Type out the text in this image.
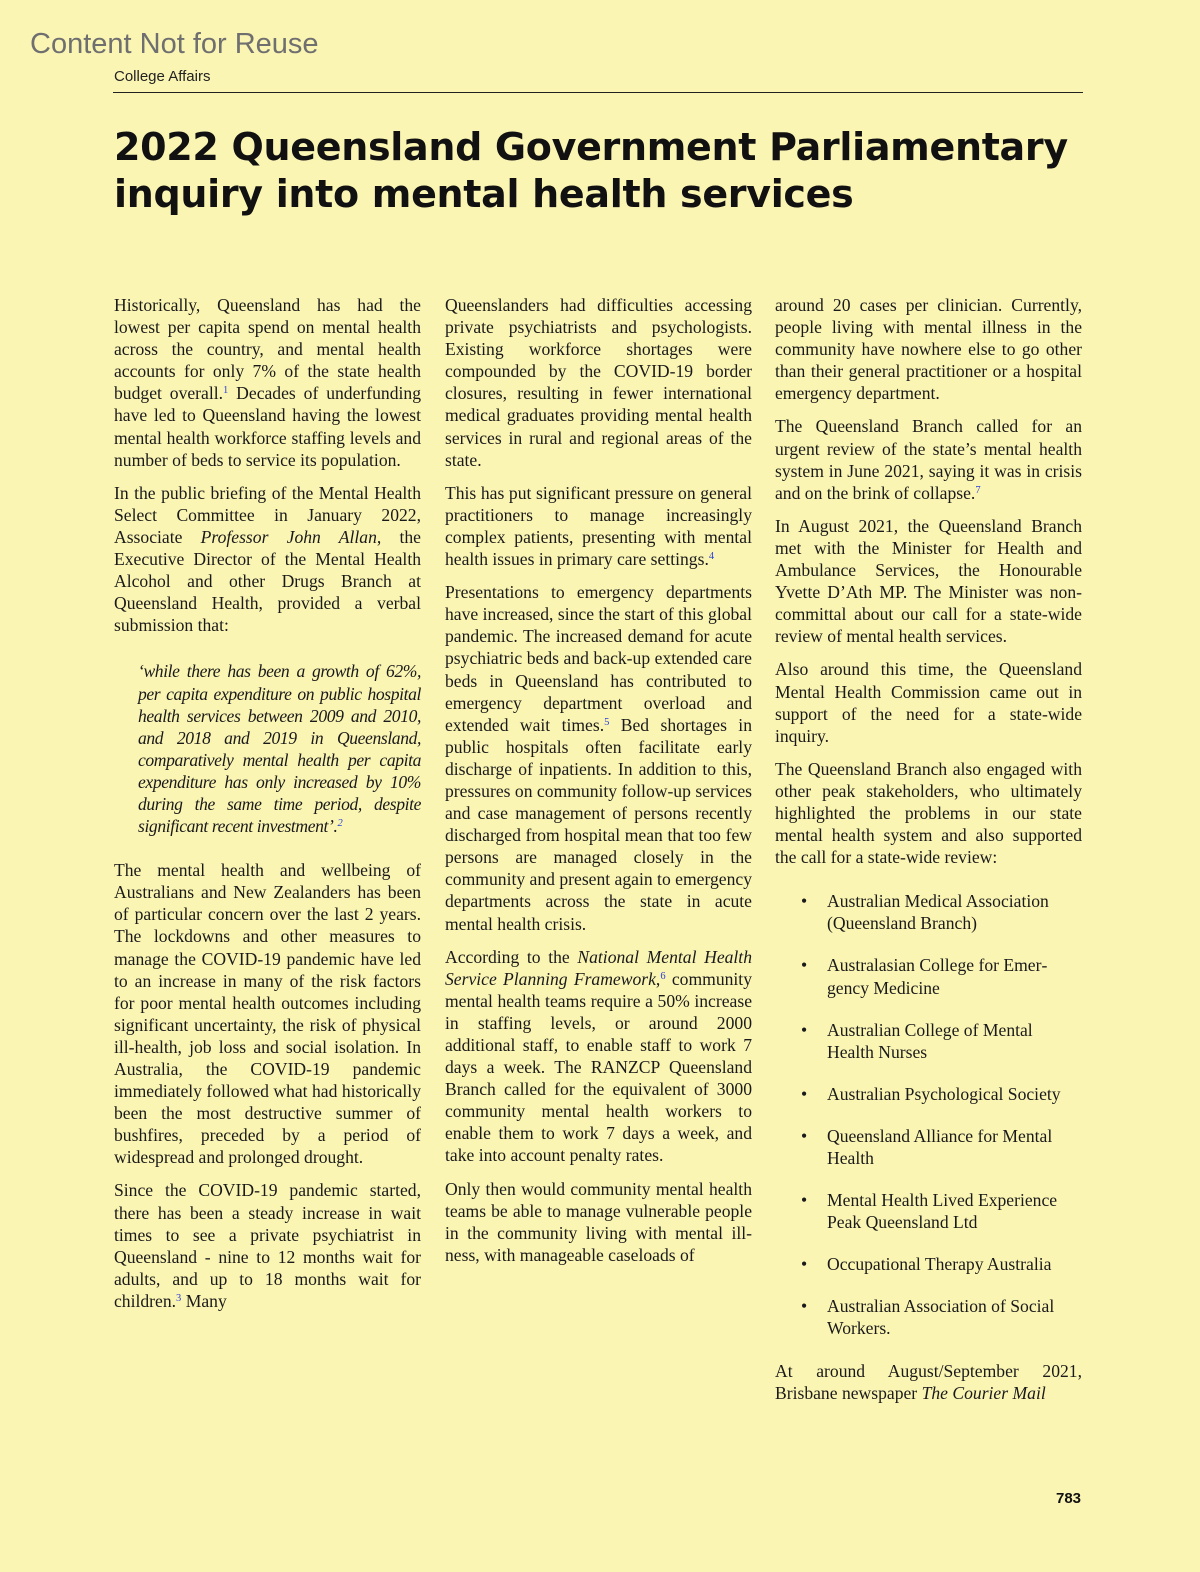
Content Not for Reuse
College Affairs
2022 Queensland Government Parliamentary inquiry into mental health services

Historically, Queensland has had the lowest per capita spend on mental health across the country, and mental health accounts for only 7% of the state health budget overall.$^1$ Decades of underfunding have led to Queensland having the lowest mental health workforce staffing levels and number of beds to service its population.

In the public briefing of the Mental Health Select Committee in January 2022, Associate Professor John Allan, the Executive Director of the Mental Health Alcohol and other Drugs Branch at Queensland Health, provided a verbal submission that:

‘while there has been a growth of 62%, per capita expenditure on public hospital health services between 2009 and 2010, and 2018 and 2019 in Queensland, comparatively mental health per capita expenditure has only increased by 10% during the same time period, despite significant recent investment’.$^2$

The mental health and wellbeing of Australians and New Zealanders has been of particular concern over the last 2 years. The lockdowns and other measures to manage the COVID-19 pandemic have led to an increase in many of the risk factors for poor mental health outcomes including significant uncertainty, the risk of physical ill-health, job loss and social isolation. In Australia, the COVID-19 pandemic immediately followed what had historically been the most destructive summer of bushfires, preceded by a period of widespread and prolonged drought.

Since the COVID-19 pandemic started, there has been a steady increase in wait times to see a private psychiatrist in Queensland - nine to 12 months wait for adults, and up to 18 months wait for children.$^3$ Many

Queenslanders had difficulties accessing private psychiatrists and psychologists. Existing workforce shortages were compounded by the COVID-19 border closures, resulting in fewer international medical graduates providing mental health services in rural and regional areas of the state.

This has put significant pressure on general practitioners to manage increasingly complex patients, presenting with mental health issues in primary care settings.$^4$

Presentations to emergency departments have increased, since the start of this global pandemic. The increased demand for acute psychiatric beds and back-up extended care beds in Queensland has contributed to emergency department overload and extended wait times.$^5$ Bed shortages in public hospitals often facilitate early discharge of inpatients. In addition to this, pressures on community follow-up services and case management of persons recently discharged from hospital mean that too few persons are managed closely in the community and present again to emergency departments across the state in acute mental health crisis.

According to the National Mental Health Service Planning Framework,$^6$ community mental health teams require a 50% increase in staffing levels, or around 2000 additional staff, to enable staff to work 7 days a week. The RANZCP Queensland Branch called for the equivalent of 3000 community mental health workers to enable them to work 7 days a week, and take into account penalty rates.

Only then would community mental health teams be able to manage vulnerable people in the community living with mental illness, with manageable caseloads of

around 20 cases per clinician. Currently, people living with mental illness in the community have nowhere else to go other than their general practitioner or a hospital emergency department.

The Queensland Branch called for an urgent review of the state’s mental health system in June 2021, saying it was in crisis and on the brink of collapse.$^7$

In August 2021, the Queensland Branch met with the Minister for Health and Ambulance Services, the Honourable Yvette D’Ath MP. The Minister was non-committal about our call for a state-wide review of mental health services.

Also around this time, the Queensland Mental Health Commission came out in support of the need for a state-wide inquiry.

The Queensland Branch also engaged with other peak stakeholders, who ultimately highlighted the problems in our state mental health system and also supported the call for a state-wide review:

• Australian Medical Association (Queensland Branch)
• Australasian College for Emergency Medicine
• Australian College of Mental Health Nurses
• Australian Psychological Society
• Queensland Alliance for Mental Health
• Mental Health Lived Experience Peak Queensland Ltd
• Occupational Therapy Australia
• Australian Association of Social Workers.

At around August/September 2021, Brisbane newspaper The Courier Mail

783
